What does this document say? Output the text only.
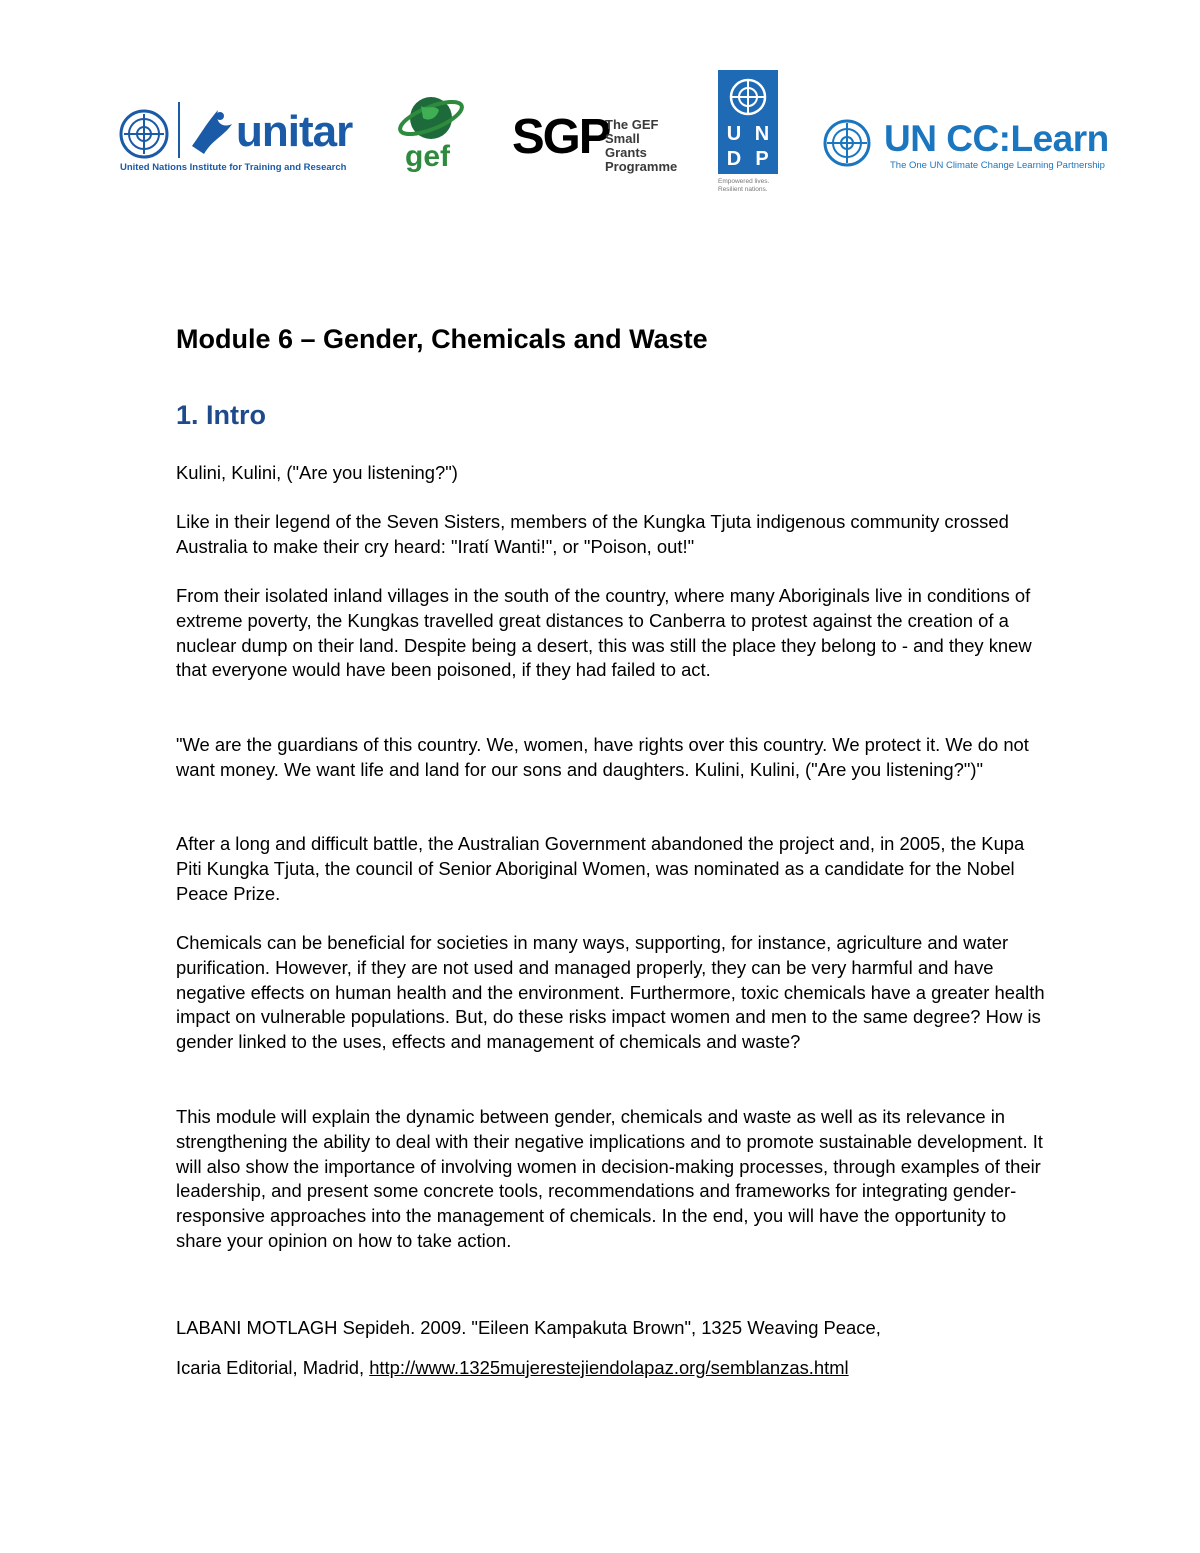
unitar
United Nations Institute for Training and Research gef SGP
The GEF
Small Grants
Programme
U N
D P
Empowered lives.
Resilient nations.
UN CC:Learn
The One UN Climate Change Learning Partnership
Module 6 – Gender, Chemicals and Waste
1. Intro

Kulini, Kulini, ("Are you listening?")

Like in their legend of the Seven Sisters, members of the Kungka Tjuta indigenous community crossed Australia to make their cry heard: "Iratí Wanti!", or "Poison, out!"

From their isolated inland villages in the south of the country, where many Aboriginals live in conditions of extreme poverty, the Kungkas travelled great distances to Canberra to protest against the creation of a nuclear dump on their land. Despite being a desert, this was still the place they belong to - and they knew that everyone would have been poisoned, if they had failed to act.

"We are the guardians of this country. We, women, have rights over this country. We protect it. We do not want money. We want life and land for our sons and daughters. Kulini, Kulini, ("Are you listening?")"

After a long and difficult battle, the Australian Government abandoned the project and, in 2005, the Kupa Piti Kungka Tjuta, the council of Senior Aboriginal Women, was nominated as a candidate for the Nobel Peace Prize.

Chemicals can be beneficial for societies in many ways, supporting, for instance, agriculture and water purification. However, if they are not used and managed properly, they can be very harmful and have negative effects on human health and the environment. Furthermore, toxic chemicals have a greater health impact on vulnerable populations. But, do these risks impact women and men to the same degree? How is gender linked to the uses, effects and management of chemicals and waste?

This module will explain the dynamic between gender, chemicals and waste as well as its relevance in strengthening the ability to deal with their negative implications and to promote sustainable development. It will also show the importance of involving women in decision-making processes, through examples of their leadership, and present some concrete tools, recommendations and frameworks for integrating gender-responsive approaches into the management of chemicals. In the end, you will have the opportunity to share your opinion on how to take action.

LABANI MOTLAGH Sepideh. 2009. "Eileen Kampakuta Brown", 1325 Weaving Peace,

Icaria Editorial, Madrid, http://www.1325mujerestejiendolapaz.org/semblanzas.html
